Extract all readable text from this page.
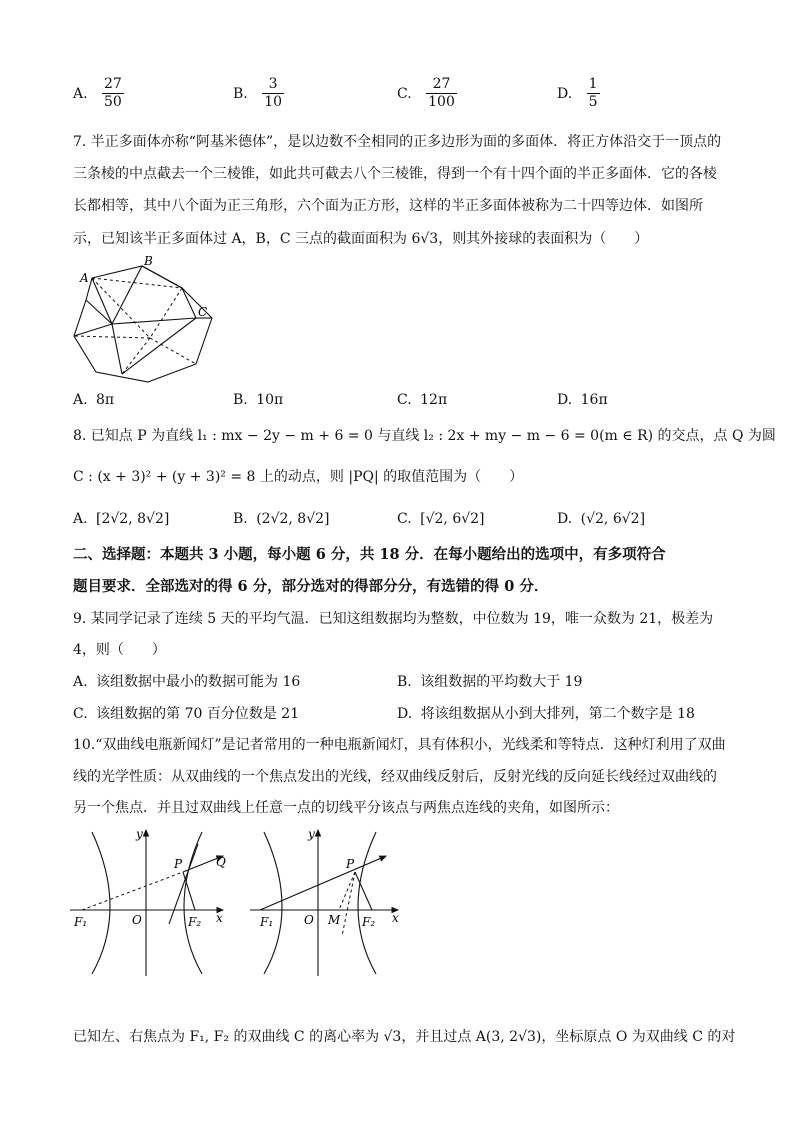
A. $\frac{27}{50}$	B. $\frac{3}{10}$	C. $\frac{27}{100}$	D. $\frac{1}{5}$
7. 半正多面体亦称“阿基米德体”，是以边数不全相同的正多边形为面的多面体．将正方体沿交于一顶点的
三条棱的中点截去一个三棱锥，如此共可截去八个三棱锥，得到一个有十四个面的半正多面体．它的各棱
长都相等，其中八个面为正三角形，六个面为正方形，这样的半正多面体被称为二十四等边体．如图所
示，已知该半正多面体过 A，B，C 三点的截面面积为 6√3，则其外接球的表面积为（　　）
A
B
C
A. 8π	B. 10π	C. 12π	D. 16π
8. 已知点 P 为直线 l₁ : mx − 2y − m + 6 = 0 与直线 l₂ : 2x + my − m − 6 = 0(m ∈ R) 的交点，点 Q 为圆
C : (x + 3)² + (y + 3)² = 8 上的动点，则 |PQ| 的取值范围为（　　）
A. [2√2, 8√2]	B. (2√2, 8√2]	C. [√2, 6√2]	D. (√2, 6√2]
二、选择题：本题共 3 小题，每小题 6 分，共 18 分．在每小题给出的选项中，有多项符合
题目要求．全部选对的得 6 分，部分选对的得部分分，有选错的得 0 分．
9. 某同学记录了连续 5 天的平均气温．已知这组数据均为整数，中位数为 19，唯一众数为 21，极差为
4，则（　　）
A. 该组数据中最小的数据可能为 16	B. 该组数据的平均数大于 19
C. 该组数据的第 70 百分位数是 21	D. 将该组数据从小到大排列，第二个数字是 18
10.“双曲线电瓶新闻灯”是记者常用的一种电瓶新闻灯，具有体积小，光线柔和等特点．这种灯利用了双曲
线的光学性质：从双曲线的一个焦点发出的光线，经双曲线反射后，反射光线的反向延长线经过双曲线的
另一个焦点．并且过双曲线上任意一点的切线平分该点与两焦点连线的夹角，如图所示：
y
x
P	Q
O
F₁	F₂
y
x
P
O M
F₁	F₂
已知左、右焦点为 F₁, F₂ 的双曲线 C 的离心率为 √3，并且过点 A(3, 2√3)，坐标原点 O 为双曲线 C 的对
